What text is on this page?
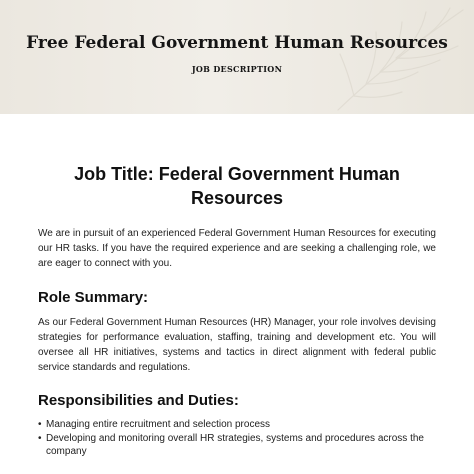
Free Federal Government Human Resources
JOB DESCRIPTION
Job Title: Federal Government Human Resources

We are in pursuit of an experienced Federal Government Human Resources for executing our HR tasks. If you have the required experience and are seeking a challenging role, we are eager to connect with you.

Role Summary:

As our Federal Government Human Resources (HR) Manager, your role involves devising strategies for performance evaluation, staffing, training and development etc. You will oversee all HR initiatives, systems and tactics in direct alignment with federal public service standards and regulations.

Responsibilities and Duties:
• Managing entire recruitment and selection process
• Developing and monitoring overall HR strategies, systems and procedures across the company
